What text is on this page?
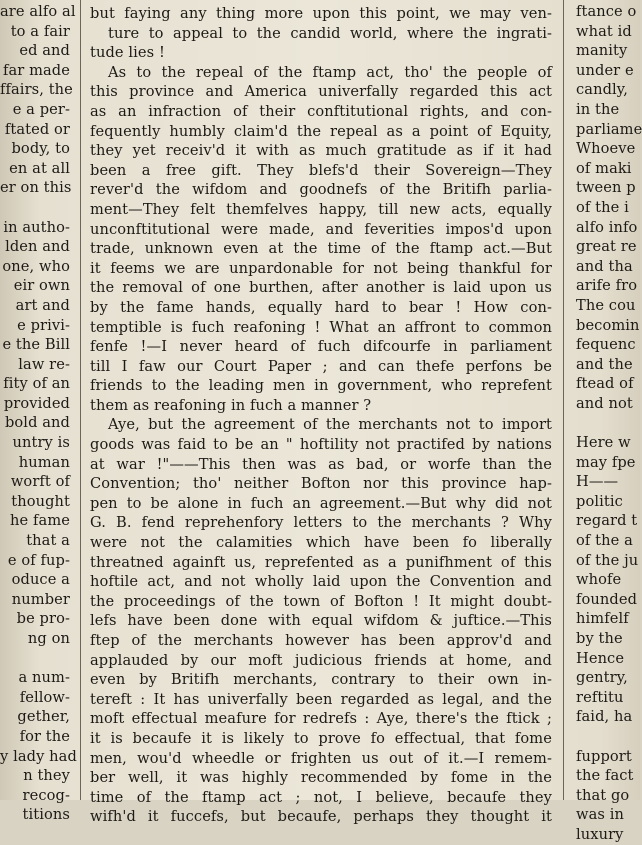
are alfo al
to a fair
ed and
far made
ffairs, the
e a per-
ftated or
body, to
en at all
er on this
in autho-
lden and
one, who
eir own
art and
e privi-
e the Bill
law re-
fity of an
provided
bold and
untry is
human
worft of
thought
he fame
that a
e of fup-
oduce a
number
be pro-
ng on
a num-
fellow-
gether,
for the
y lady had
n they
recog-
titions
but faying any thing more upon this point, we may ven-
ture to appeal to the candid world, where the ingrati-
tude lies !
As to the repeal of the ftamp act, tho' the people of
this province and America univerfally regarded this act
as an infraction of their conftitutional rights, and con-
fequently humbly claim'd the repeal as a point of Equity,
they yet receiv'd it with as much gratitude as if it had
been a free gift. They blefs'd their Sovereign—They
rever'd the wifdom and goodnefs of the Britifh parlia-
ment—They felt themfelves happy, till new acts, equally
unconftitutional were made, and feverities impos'd upon
trade, unknown even at the time of the ftamp act.—But
it feems we are unpardonable for not being thankful for
the removal of one burthen, after another is laid upon us
by the fame hands, equally hard to bear ! How con-
temptible is fuch reafoning ! What an affront to common
fenfe !—I never heard of fuch difcourfe in parliament
till I faw our Court Paper ; and can thefe perfons be
friends to the leading men in government, who reprefent
them as reafoning in fuch a manner ?
Aye, but the agreement of the merchants not to import
goods was faid to be an " hoftility not practifed by nations
at war !"——This then was as bad, or worfe than the
Convention; tho' neither Bofton nor this province hap-
pen to be alone in fuch an agreement.—But why did not
G. B. fend reprehenfory letters to the merchants ? Why
were not the calamities which have been fo liberally
threatned againft us, reprefented as a punifhment of this
hoftile act, and not wholly laid upon the Convention and
the proceedings of the town of Bofton ! It might doubt-
lefs have been done with equal wifdom & juftice.—This
ftep of the merchants however has been approv'd and
applauded by our moft judicious friends at home, and
even by Britifh merchants, contrary to their own in-
tereft : It has univerfally been regarded as legal, and the
moft effectual meafure for redrefs : Aye, there's the ftick ;
it is becaufe it is likely to prove fo effectual, that fome
men, wou'd wheedle or frighten us out of it.—I remem-
ber well, it was highly recommended by fome in the
time of the ftamp act ; not, I believe, becaufe they
wifh'd it fuccefs, but becaufe, perhaps they thought it
ftance o
what id
manity
under e
candly,
in the
parliame
Whoeve
of maki
tween p
of the i
alfo info
great re
and tha
arife fro
The cou
becomin
fequenc
and the
ftead of
and not
Here w
may fpe
H——
politic
regard t
of the a
of the ju
whofe
founded
himfelf
by the
Hence
gentry,
reftitu
faid, ha
fupport
the fact
that go
was in
luxury
